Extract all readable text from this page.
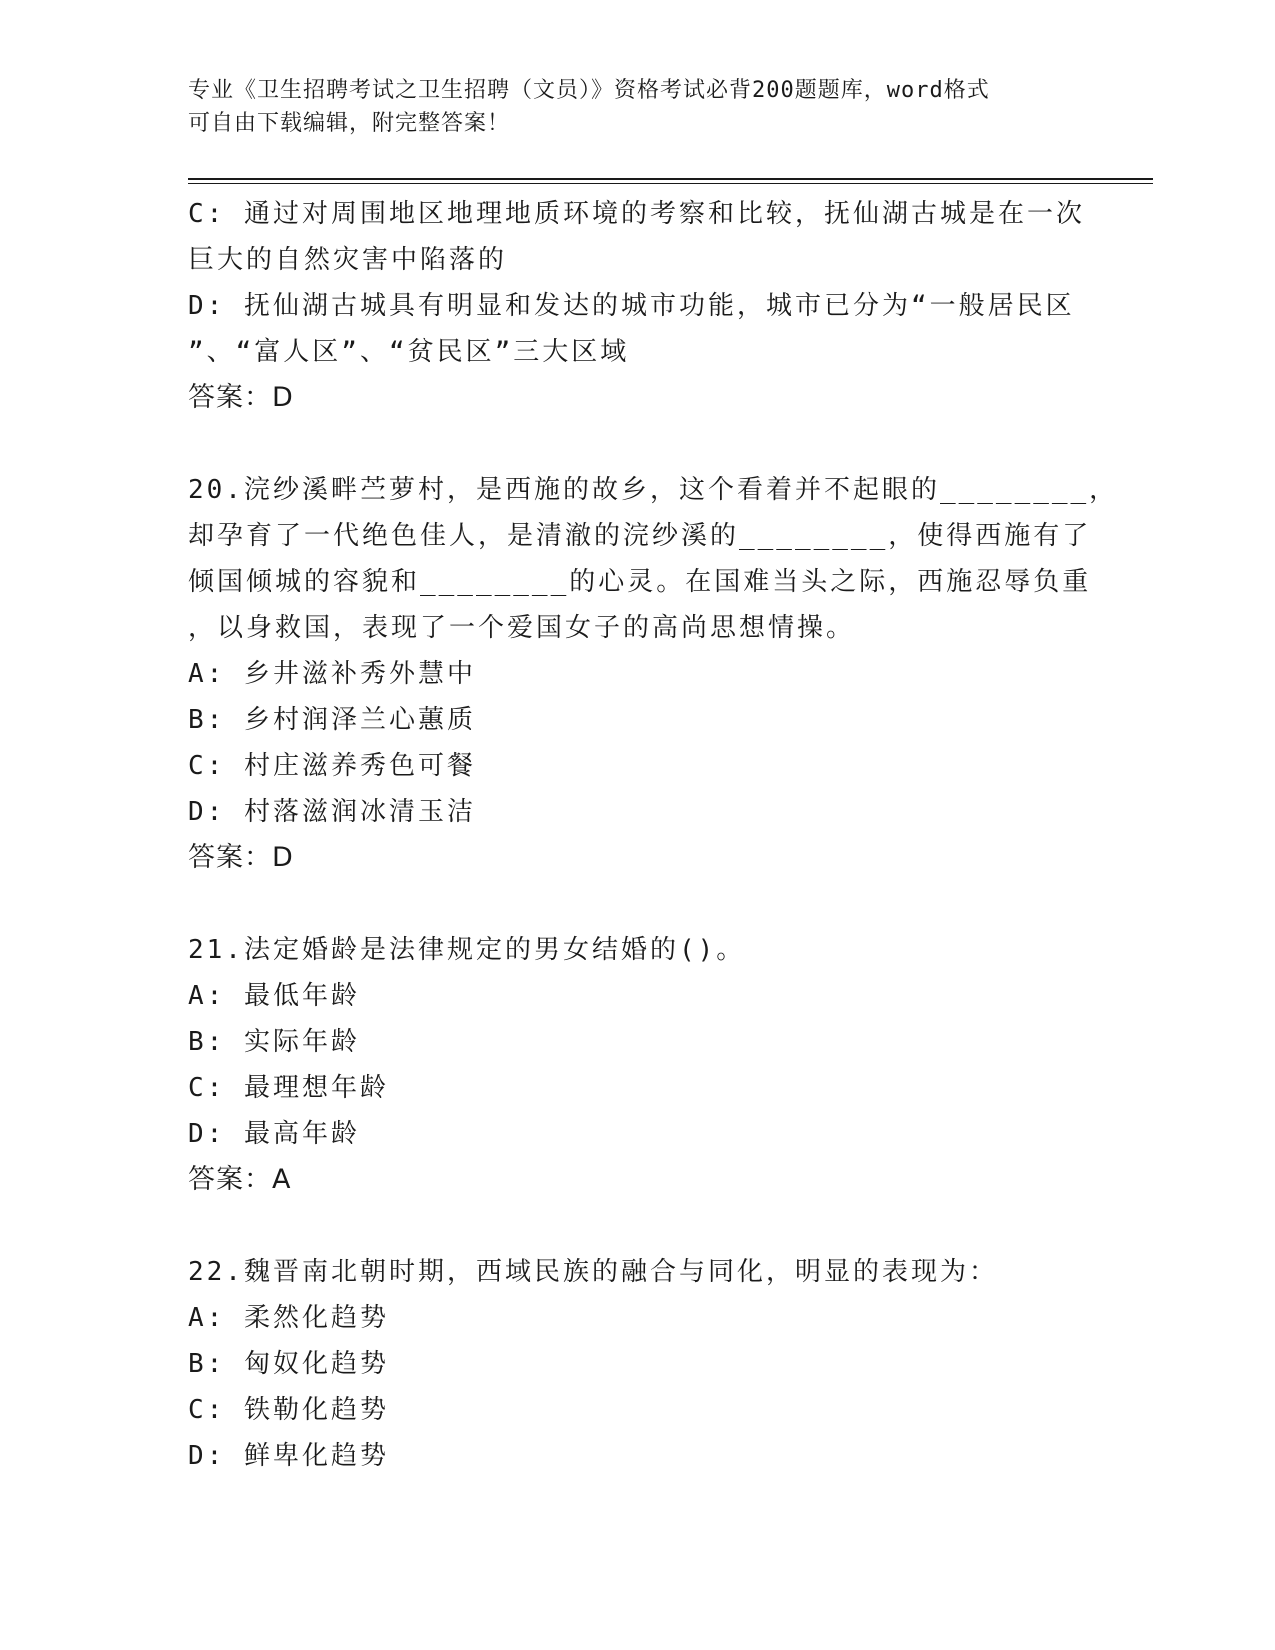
专业《卫生招聘考试之卫生招聘（文员）》资格考试必背200题题库，word格式
可自由下载编辑，附完整答案！
C: 通过对周围地区地理地质环境的考察和比较，抚仙湖古城是在一次
巨大的自然灾害中陷落的
D: 抚仙湖古城具有明显和发达的城市功能，城市已分为“一般居民区
”、“富人区”、“贫民区”三大区域
答案：D
20.浣纱溪畔苎萝村，是西施的故乡，这个看着并不起眼的________，
却孕育了一代绝色佳人，是清澈的浣纱溪的________，使得西施有了
倾国倾城的容貌和________的心灵。在国难当头之际，西施忍辱负重
，以身救国，表现了一个爱国女子的高尚思想情操。
A: 乡井滋补秀外慧中
B: 乡村润泽兰心蕙质
C: 村庄滋养秀色可餐
D: 村落滋润冰清玉洁
答案：D
21.法定婚龄是法律规定的男女结婚的()。
A: 最低年龄
B: 实际年龄
C: 最理想年龄
D: 最高年龄
答案：A
22.魏晋南北朝时期，西域民族的融合与同化，明显的表现为：
A: 柔然化趋势
B: 匈奴化趋势
C: 铁勒化趋势
D: 鲜卑化趋势
